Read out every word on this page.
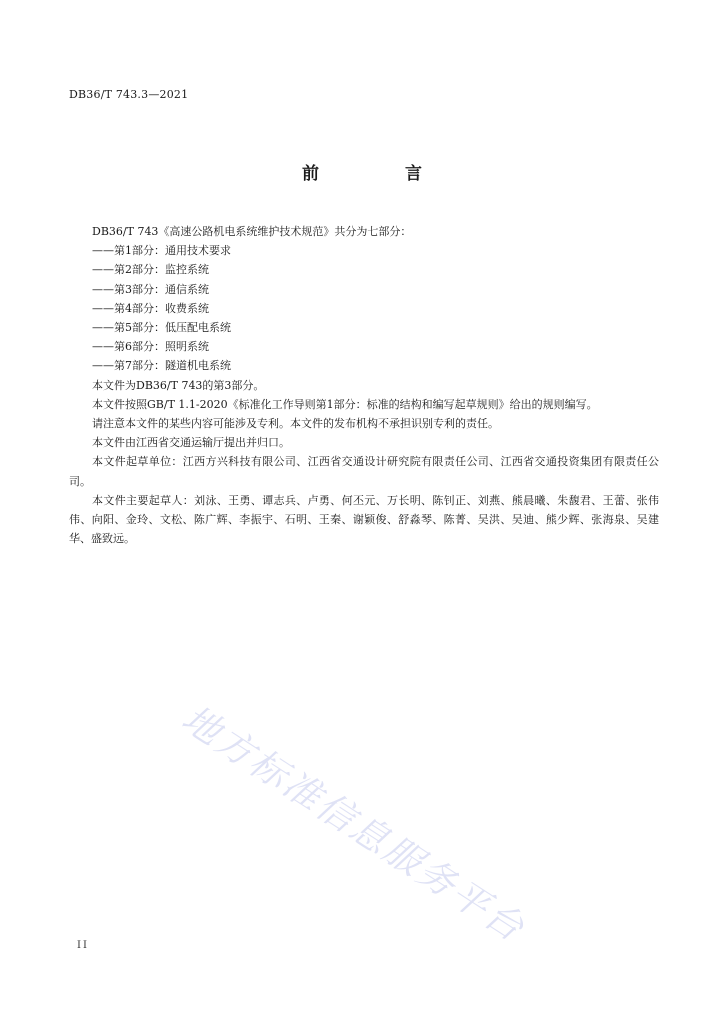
DB36/T 743.3—2021
前 言

DB36/T 743《高速公路机电系统维护技术规范》共分为七部分：

——第1部分：通用技术要求

——第2部分：监控系统

——第3部分：通信系统

——第4部分：收费系统

——第5部分：低压配电系统

——第6部分：照明系统

——第7部分：隧道机电系统

本文件为DB36/T 743的第3部分。

本文件按照GB/T 1.1-2020《标准化工作导则第1部分：标准的结构和编写起草规则》给出的规则编写。

请注意本文件的某些内容可能涉及专利。本文件的发布机构不承担识别专利的责任。

本文件由江西省交通运输厅提出并归口。

本文件起草单位：江西方兴科技有限公司、江西省交通设计研究院有限责任公司、江西省交通投资集团有限责任公司。

本文件主要起草人：刘泳、王勇、谭志兵、卢勇、何丕元、万长明、陈钊正、刘燕、熊晨曦、朱馥君、王蕾、张伟伟、向阳、金玲、文松、陈广辉、李振宇、石明、王秦、谢颖俊、舒淼琴、陈菁、吴洪、吴迪、熊少辉、张海泉、吴建华、盛致远。

地方标准信息服务平台
II
